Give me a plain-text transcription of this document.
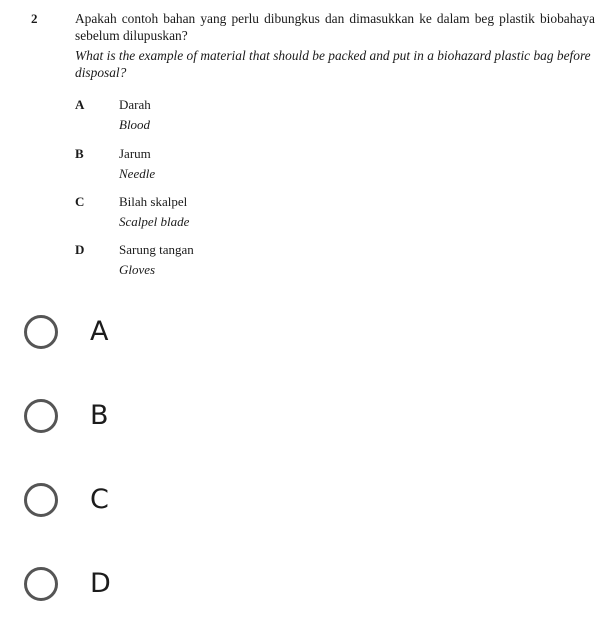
2	Apakah contoh bahan yang perlu dibungkus dan dimasukkan ke dalam beg plastik biobahaya sebelum dilupuskan?
What is the example of material that should be packed and put in a biohazard plastic bag before disposal?
A	Darah
Blood
B	Jarum
Needle
C	Bilah skalpel
Scalpel blade
D	Sarung tangan
Gloves
A
B
C
D
